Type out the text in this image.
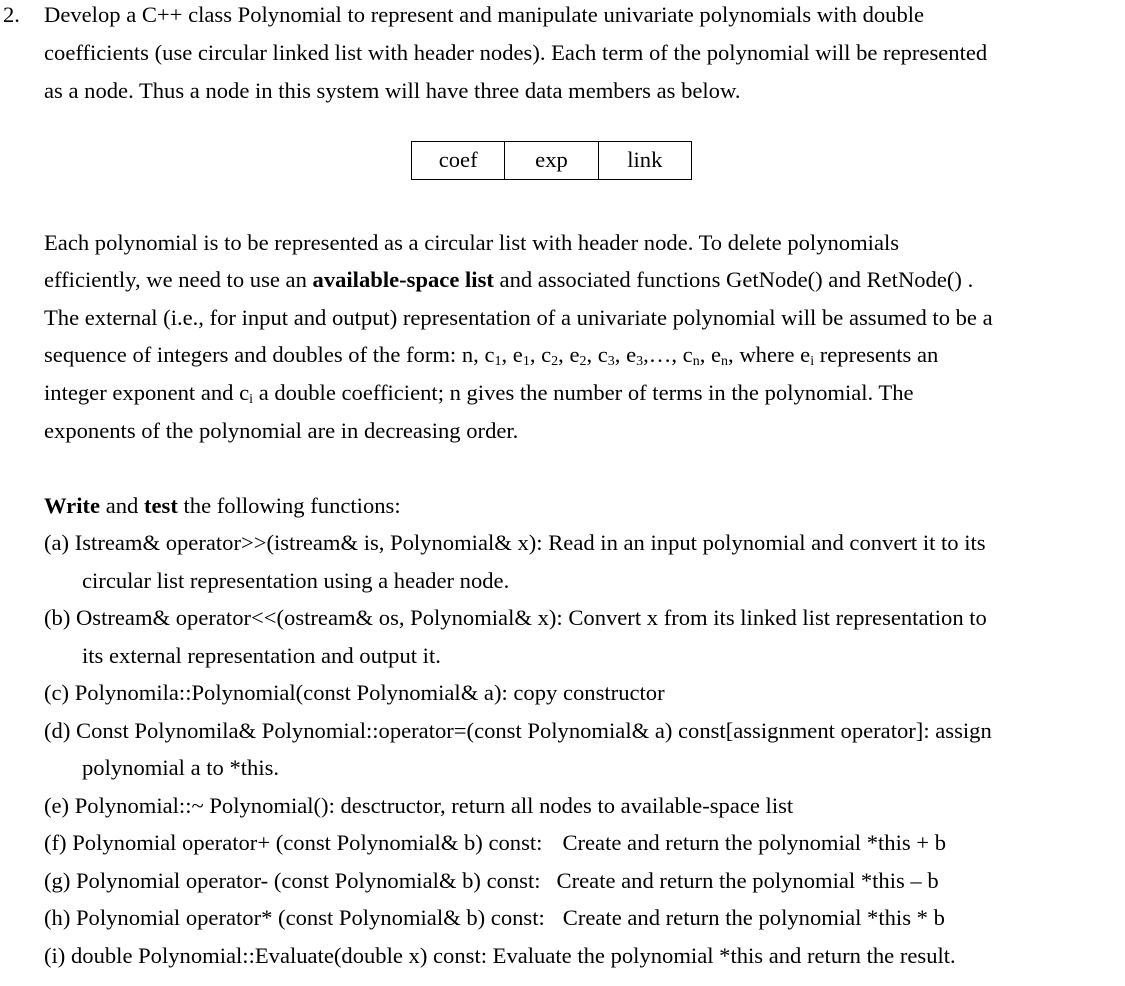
2. Develop a C++ class Polynomial to represent and manipulate univariate polynomials with double
coefficients (use circular linked list with header nodes). Each term of the polynomial will be represented
as a node. Thus a node in this system will have three data members as below.
coef	exp	link
Each polynomial is to be represented as a circular list with header node. To delete polynomials
efficiently, we need to use an available-space list and associated functions GetNode() and RetNode() .
The external (i.e., for input and output) representation of a univariate polynomial will be assumed to be a
sequence of integers and doubles of the form: n, $c_1$, $e_1$, $c_2$, $e_2$, $c_3$, $e_3,\dots$, $c_n$, $e_n$, where $e_i$ represents an
integer exponent and $c_i$ a double coefficient; n gives the number of terms in the polynomial. The
exponents of the polynomial are in decreasing order.
Write and test the following functions:
(a) Istream& operator>>(istream& is, Polynomial& x): Read in an input polynomial and convert it to its
circular list representation using a header node.
(b) Ostream& operator<<(ostream& os, Polynomial& x): Convert x from its linked list representation to
its external representation and output it.
(c) Polynomila::Polynomial(const Polynomial& a): copy constructor
(d) Const Polynomila& Polynomial::operator=(const Polynomial& a) const[assignment operator]: assign
polynomial a to *this.
(e) Polynomial::~ Polynomial(): desctructor, return all nodes to available-space list
(f) Polynomial operator+ (const Polynomial& b) const: Create and return the polynomial *this + b
(g) Polynomial operator- (const Polynomial& b) const: Create and return the polynomial *this – b
(h) Polynomial operator* (const Polynomial& b) const: Create and return the polynomial *this * b
(i) double Polynomial::Evaluate(double x) const: Evaluate the polynomial *this and return the result.
